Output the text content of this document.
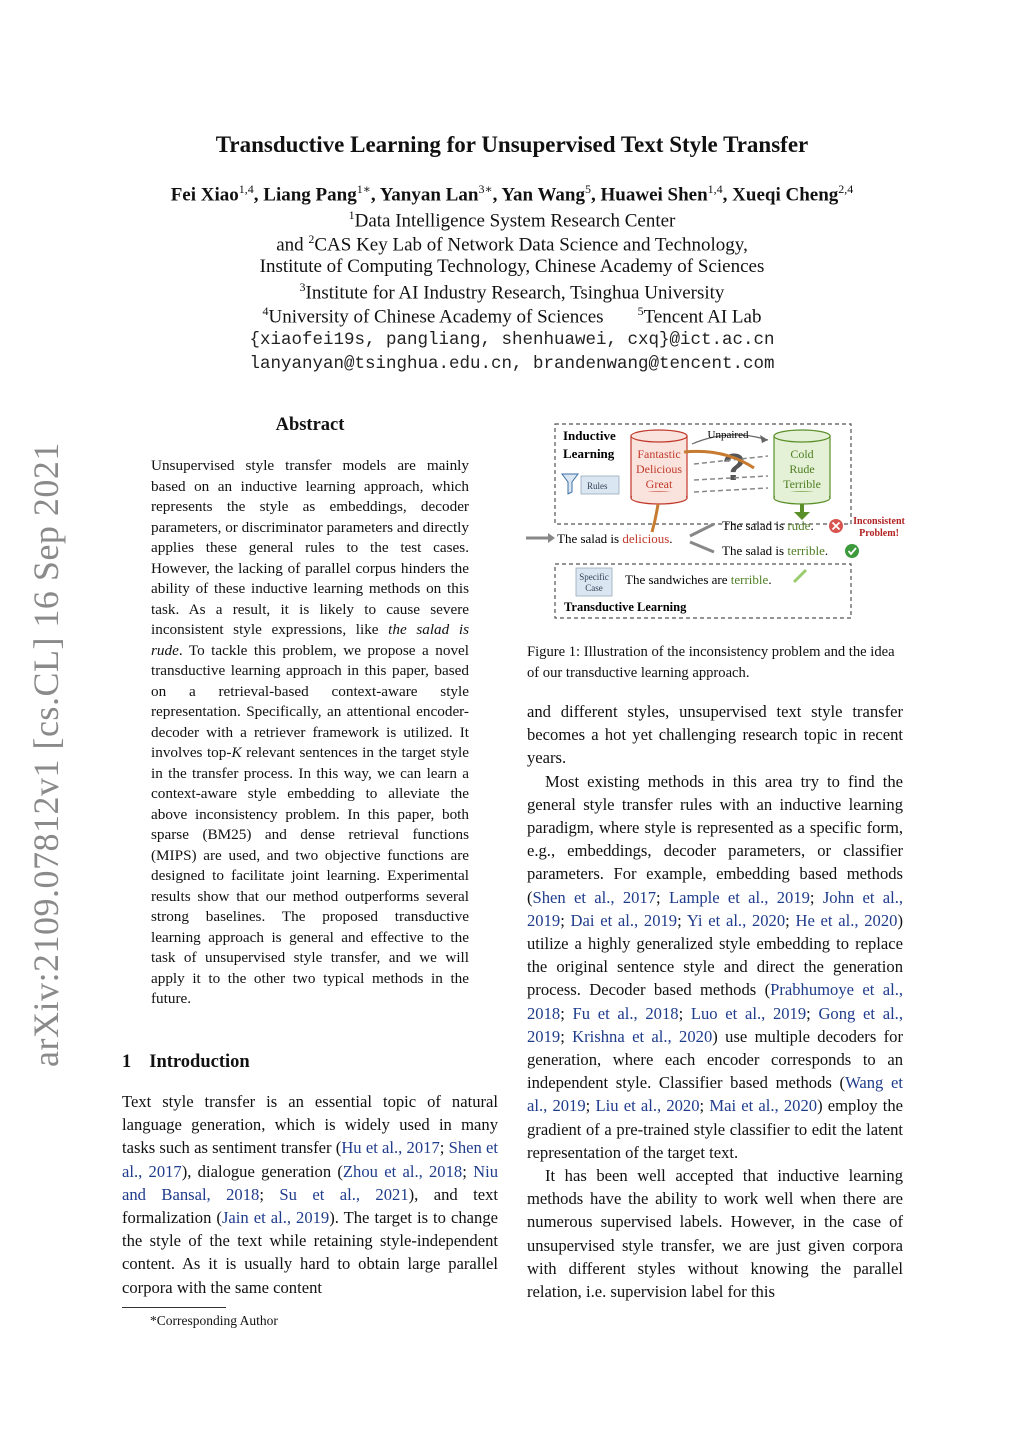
arXiv:2109.07812v1 [cs.CL] 16 Sep 2021
Transductive Learning for Unsupervised Text Style Transfer
Fei Xiao$^{1,4}$, Liang Pang$^{1∗}$, Yanyan Lan$^{3∗}$, Yan Wang$^5$, Huawei Shen$^{1,4}$, Xueqi Cheng$^{2,4}$
$^1$Data Intelligence System Research Center
and $^2$CAS Key Lab of Network Data Science and Technology,
Institute of Computing Technology, Chinese Academy of Sciences
$^3$Institute for AI Industry Research, Tsinghua University
$^4$University of Chinese Academy of Sciences	$^5$Tencent AI Lab
{xiaofei19s, pangliang, shenhuawei, cxq}@ict.ac.cn
lanyanyan@tsinghua.edu.cn, brandenwang@tencent.com
Abstract
Unsupervised style transfer models are mainly based on an inductive learning approach, which represents the style as embeddings, decoder parameters, or discriminator parameters and directly applies these general rules to the test cases. However, the lacking of parallel corpus hinders the ability of these inductive learning methods on this task. As a result, it is likely to cause severe inconsistent style expressions, like the salad is rude. To tackle this problem, we propose a novel transductive learning approach in this paper, based on a retrieval-based context-aware style representation. Specifically, an attentional encoder-decoder with a retriever framework is utilized. It involves top-K relevant sentences in the target style in the transfer process. In this way, we can learn a context-aware style embedding to alleviate the above inconsistency problem. In this paper, both sparse (BM25) and dense retrieval functions (MIPS) are used, and two objective functions are designed to facilitate joint learning. Experimental results show that our method outperforms several strong baselines. The proposed transductive learning approach is general and effective to the task of unsupervised style transfer, and we will apply it to the other two typical methods in the future.
1 Introduction
Text style transfer is an essential topic of natural language generation, which is widely used in many tasks such as sentiment transfer (Hu et al., 2017; Shen et al., 2017), dialogue generation (Zhou et al., 2018; Niu and Bansal, 2018; Su et al., 2021), and text formalization (Jain et al., 2019). The target is to change the style of the text while retaining style-independent content. As it is usually hard to obtain large parallel corpora with the same content
*Corresponding Author
Inductive
Learning
Rules
Fantastic
Delicious
Great
Cold
Rude
Terrible
Unpaired
?
The salad is delicious.
The salad is rude.
The salad is terrible.
Inconsistent
Problem!
Specific
Case
The sandwiches are terrible.
Transductive Learning
Figure 1: Illustration of the inconsistency problem and the idea of our transductive learning approach.

and different styles, unsupervised text style transfer becomes a hot yet challenging research topic in recent years.

Most existing methods in this area try to find the general style transfer rules with an inductive learning paradigm, where style is represented as a specific form, e.g., embeddings, decoder parameters, or classifier parameters. For example, embedding based methods (Shen et al., 2017; Lample et al., 2019; John et al., 2019; Dai et al., 2019; Yi et al., 2020; He et al., 2020) utilize a highly generalized style embedding to replace the original sentence style and direct the generation process. Decoder based methods (Prabhumoye et al., 2018; Fu et al., 2018; Luo et al., 2019; Gong et al., 2019; Krishna et al., 2020) use multiple decoders for generation, where each encoder corresponds to an independent style. Classifier based methods (Wang et al., 2019; Liu et al., 2020; Mai et al., 2020) employ the gradient of a pre-trained style classifier to edit the latent representation of the target text.

It has been well accepted that inductive learning methods have the ability to work well when there are numerous supervised labels. However, in the case of unsupervised style transfer, we are just given corpora with different styles without knowing the parallel relation, i.e. supervision label for this
